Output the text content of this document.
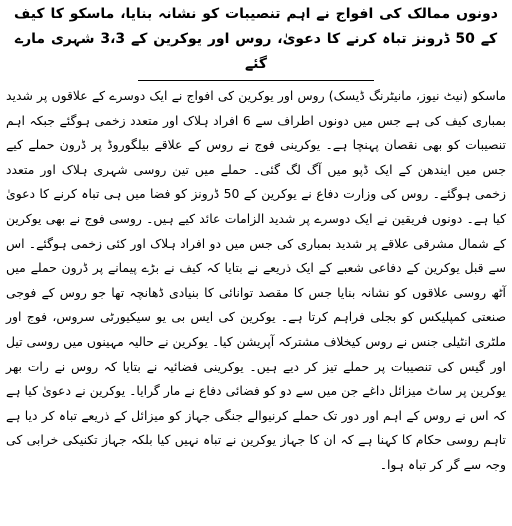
دونوں ممالک کی افواج نے اہم تنصیبات کو نشانہ بنایا، ماسکو کا کیف کے 50 ڈرونز تباہ کرنے کا دعویٰ، روس اور یوکرین کے 3،3 شہری مارے گئے

ماسکو (نیٹ نیوز، مانیٹرنگ ڈیسک) روس اور یوکرین کی افواج نے ایک دوسرے کے علاقوں پر شدید بمباری کیف کی ہے جس میں دونوں اطراف سے 6 افراد ہلاک اور متعدد زخمی ہوگئے جبکہ اہم تنصیبات کو بھی نقصان پہنچا ہے۔ یوکرینی فوج نے روس کے علاقے بیلگوروڈ پر ڈرون حملے کیے جس میں ایندھن کے ایک ڈپو میں آگ لگ گئی۔ حملے میں تین روسی شہری ہلاک اور متعدد زخمی ہوگئے۔ روس کی وزارت دفاع نے یوکرین کے 50 ڈرونز کو فضا میں ہی تباہ کرنے کا دعویٰ کیا ہے۔ دونوں فریقین نے ایک دوسرے پر شدید الزامات عائد کیے ہیں۔ روسی فوج نے بھی یوکرین کے شمال مشرقی علاقے پر شدید بمباری کی جس میں دو افراد ہلاک اور کئی زخمی ہوگئے۔ اس سے قبل یوکرین کے دفاعی شعبے کے ایک ذریعے نے بتایا کہ کیف نے بڑے پیمانے پر ڈرون حملے میں آٹھ روسی علاقوں کو نشانہ بنایا جس کا مقصد توانائی کا بنیادی ڈھانچہ تھا جو روس کے فوجی صنعتی کمپلیکس کو بجلی فراہم کرتا ہے۔ یوکرین کی ایس بی یو سیکیورٹی سروس، فوج اور ملٹری انٹیلی جنس نے روس کیخلاف مشترکہ آپریشن کیا۔ یوکرین نے حالیہ مہینوں میں روسی تیل اور گیس کی تنصیبات پر حملے تیز کر دیے ہیں۔ یوکرینی فضائیہ نے بتایا کہ روس نے رات بھر یوکرین پر ساٹ میزائل داغے جن میں سے دو کو فضائی دفاع نے مار گرایا۔ یوکرین نے دعویٰ کیا ہے کہ اس نے روس کے اہم اور دور تک حملے کرنیوالے جنگی جہاز کو میزائل کے ذریعے تباہ کر دیا ہے تاہم روسی حکام کا کہنا ہے کہ ان کا جہاز یوکرین نے تباہ نہیں کیا بلکہ جہاز تکنیکی خرابی کی وجہ سے گر کر تباہ ہوا۔
